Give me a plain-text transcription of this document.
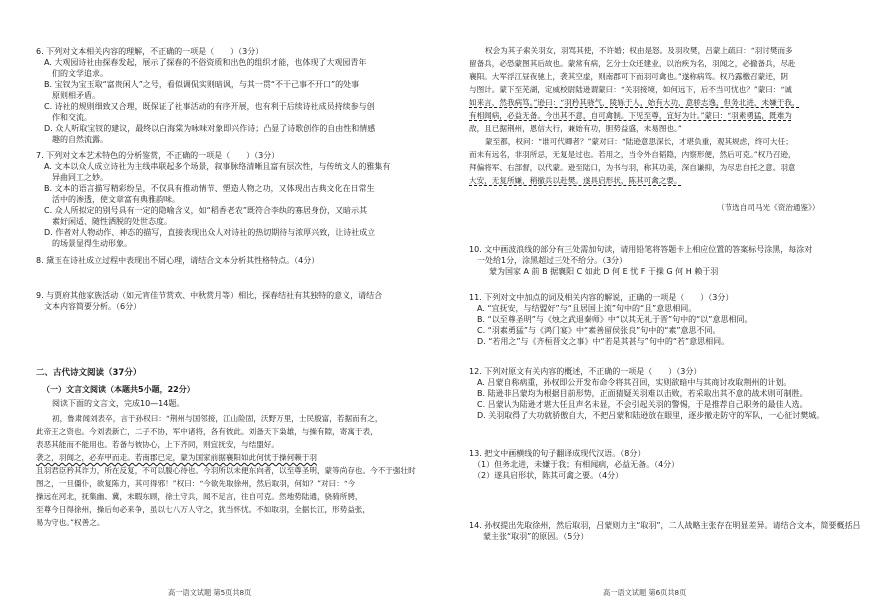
6. 下列对文本相关内容的理解，不正确的一项是（　　）（3分）
A. 大观园诗社由探春发起，展示了探春的不俗资质和出色的组织才能，也体现了大观园青年
们的文学追求。
B. 宝钗为宝玉取“富贵闲人”之号，看似调侃实则暗讽，与其一贯“不干己事不开口”的处事
原则相矛盾。
C. 诗社的规则细致又合理，既保证了社事活动的有序开展，也有利于后续诗社成员持续参与创
作和交流。
D. 众人听取宝钗的建议，最终以白海棠为咏味对象即兴作诗；凸显了诗歌创作的自由性和情感
趣的自然流露。
7. 下列对文本艺术特色的分析鉴赏，不正确的一项是（　　）（3分）
A. 文本以众人成立诗社为主线串联起多个场景，叙事脉络清晰且富有层次性，与传统文人的雅集有
异曲同工之妙。
B. 文本的语言描写精彩纷呈，不仅具有推动情节、塑造人物之功，又体现出古典文化在日常生
活中的渗透，使文章富有典雅韵味。
C. 众人所拟定的别号具有一定的隐喻含义，如“稻香老农”既符合李纨的寡居身份，又暗示其
素好闲适、随性洒脱的处世态度。
D. 作者对人物动作、神态的描写，直接表现出众人对诗社的热切期待与浓厚兴致，让诗社成立
的场景显得生动形象。
8. 黛玉在诗社成立过程中表现出不屑心理，请结合文本分析其性格特点。（4分）
9. 与贾府其他家族活动（如元宵佳节赏欢、中秋赏月等）相比，探春结社有其独特的意义，请结合
文本内容简要分析。（6分）
二、古代诗文阅读（37分）
（一）文言文阅读（本题共5小题，22分）
阅读下面的文言文，完成10—14题。
初，鲁肃闻刘表卒，言于孙权曰：“荆州与国邻接，江山险固，沃野万里，士民殷富，若据而有之，
此帝王之资也。今刘表新亡，二子不协，军中诸将，各有彼此。刘备天下枭雄，与操有隙，寄寓于表，
表恶其能而不能用也。若备与彼协心，上下齐同，则宜抚安，与结盟好。
袭之，羽闻之，必弃甲而走。若南郡已定，蒙为国家前据襄阳如此何忧于操何赖于羽
且羽君臣矜其诈力，所在反复，不可以腹心待也。今羽所以未便东向者，以至尊圣明，蒙等尚存也。今不于强壮时
图之，一旦僵仆，欲复陈力，其可得邪！”权曰：“今欲先取徐州，然后取羽，何如？”对曰：“今
操远在河北，抚集幽、冀，未暇东顾，徐土守兵，闻不足言，往自可克。然地势陆通，骁骑所骋，
至尊今日得徐州，操后旬必来争，虽以七八万人守之，犹当怀忧。不如取羽，全据长江，形势益张，
易为守也。”权善之。
高一语文试题 第5页共8页
权会为其子索关羽女，羽骂其使，不许婚；权由是怒。及羽攻樊，吕蒙上疏曰：“羽讨樊而多
留备兵，必恐蒙图其后故也。蒙常有病，乞分士众还建业，以治疾为名，羽闻之，必撤备兵，尽赴
襄阳。大军浮江昼夜驰上，袭其空虚，则南郡可下而羽可禽也。”遂称病笃。权乃露檄召蒙还，阴
与图计。蒙下至芜湖，定威校尉陆逊谓蒙曰：“关羽接境，如何远下，后不当可忧也？”蒙曰：“诚
如来言，然我病笃。”逊曰：“羽矜其骁气，陵轹于人，始有大功，意骄志逸，但务北进，未嫌于我，
有相闻病，必益无备。今出其不意，自可禽制。下见至尊，宜好为计。”蒙曰：“羽素勇猛，既难为
敌，且已据荆州，恩信大行，兼始有功，胆势益盛，未易图也。”
蒙至都，权问：“谁可代卿者？”蒙对曰：“陆逊意思深长，才堪负重，观其规虑，终可大任；
而未有远名，非羽所忌，无复是过也。若用之，当令外自韬隐，内察形便，然后可克。”权乃召逊，
拜偏将军、右部督，以代蒙。逊至陆口，为书与羽，称其功美，深自谦抑，为尽忠自托之意。羽意
大安，无复所嫌，稍撤兵以赴樊。遂具启形状，陈其可禽之要。
（节选自司马光《资治通鉴》）
10. 文中画波浪线的部分有三处需加句读，请用铅笔将答题卡上相应位置的答案标号涂黑，每涂对
一处给1分，涂黑超过三处不给分。（3分）
蒙为国家 A 前 B 据襄阳 C 如此 D 何 E 忧 F 于操 G 何 H 赖于羽
11. 下列对文中加点的词及相关内容的解说，正确的一项是（　　）（3分）
A. “宜抚安，与结盟好”与“且居国上流”句中的“且”意思相同。
B. “以至尊圣明”与《烛之武退秦师》中“以其无礼于晋”句中的“以”意思相同。
C. “羽素勇猛”与《鸿门宴》中“素善留侯张良”句中的“素”意思不同。
D. “若用之”与《齐桓晋文之事》中“若是其甚与”句中的“若”意思相同。
12. 下列对原文有关内容的概述，不正确的一项是（　　）（3分）
A. 吕蒙自称病重，孙权即公开发布命令将其召回，实则欲暗中与其商讨攻取荆州的计划。
B. 陆逊非吕蒙均为根据目前形势，正面猜疑关羽难以击败，若采取出其不意的战术则可制胜。
C. 吕蒙认为陆逊才堪大任且声名未显，不会引起关羽的警惕，于是推荐自己职务的最佳人选。
D. 关羽取得了大功就骄傲自大，不把吕蒙和陆逊放在眼里，逐步撤走防守的军队，一心征讨樊城。
13. 把文中画横线的句子翻译成现代汉语。（8分）
（1）但务北进，未嫌于我；有相闻病，必益无备。（4分）
（2）遂具启形状，陈其可禽之要。（4分）
14. 孙权提出先取徐州，然后取羽，吕蒙则力主“取羽”，二人战略主张存在明显差异。请结合文本，简要概括吕
蒙主张“取羽”的原因。（5分）
高一语文试题 第6页共8页
